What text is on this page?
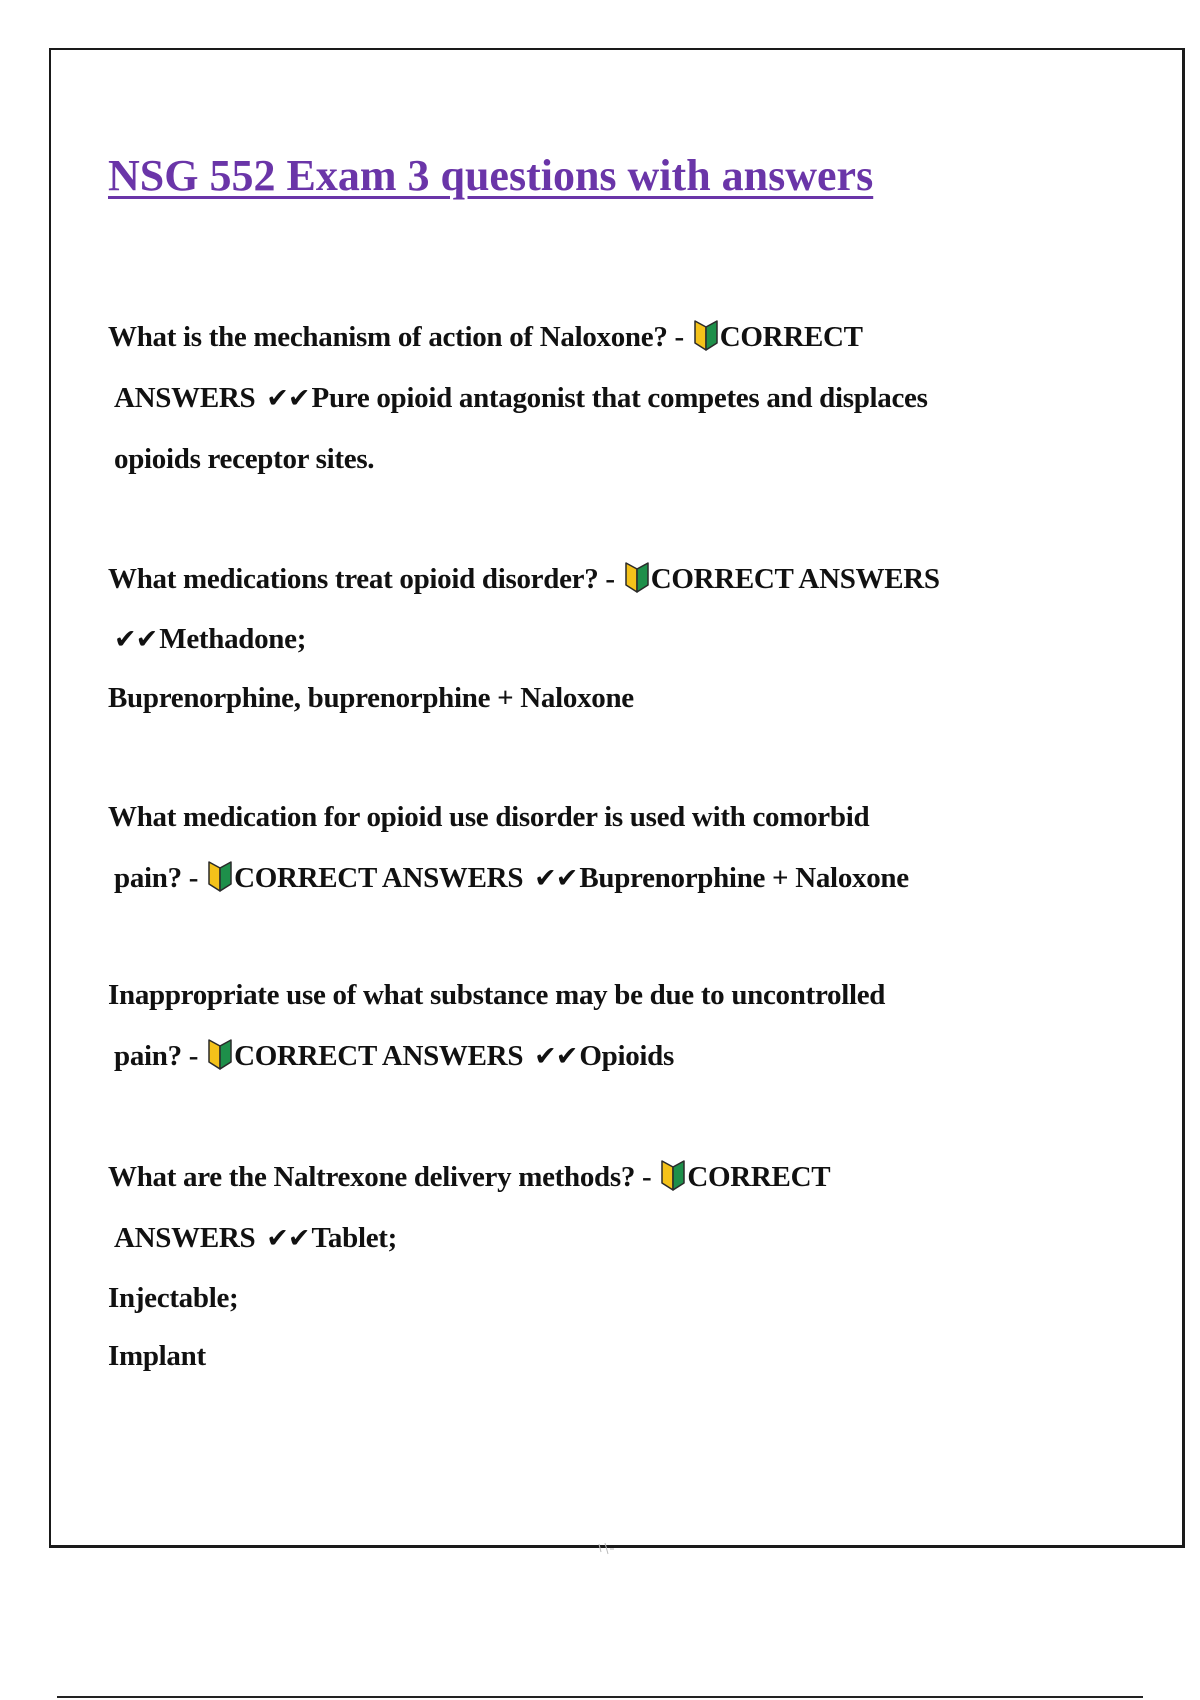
NSG 552 Exam 3 questions with answers
What is the mechanism of action of Naloxone? - CORRECT
ANSWERS ✔✔Pure opioid antagonist that competes and displaces
opioids receptor sites.
What medications treat opioid disorder? - CORRECT ANSWERS
✔✔Methadone;
Buprenorphine, buprenorphine + Naloxone
What medication for opioid use disorder is used with comorbid
pain? - CORRECT ANSWERS ✔✔Buprenorphine + Naloxone
Inappropriate use of what substance may be due to uncontrolled
pain? - CORRECT ANSWERS ✔✔Opioids
What are the Naltrexone delivery methods? - CORRECT
ANSWERS ✔✔Tablet;
Injectable;
Implant
